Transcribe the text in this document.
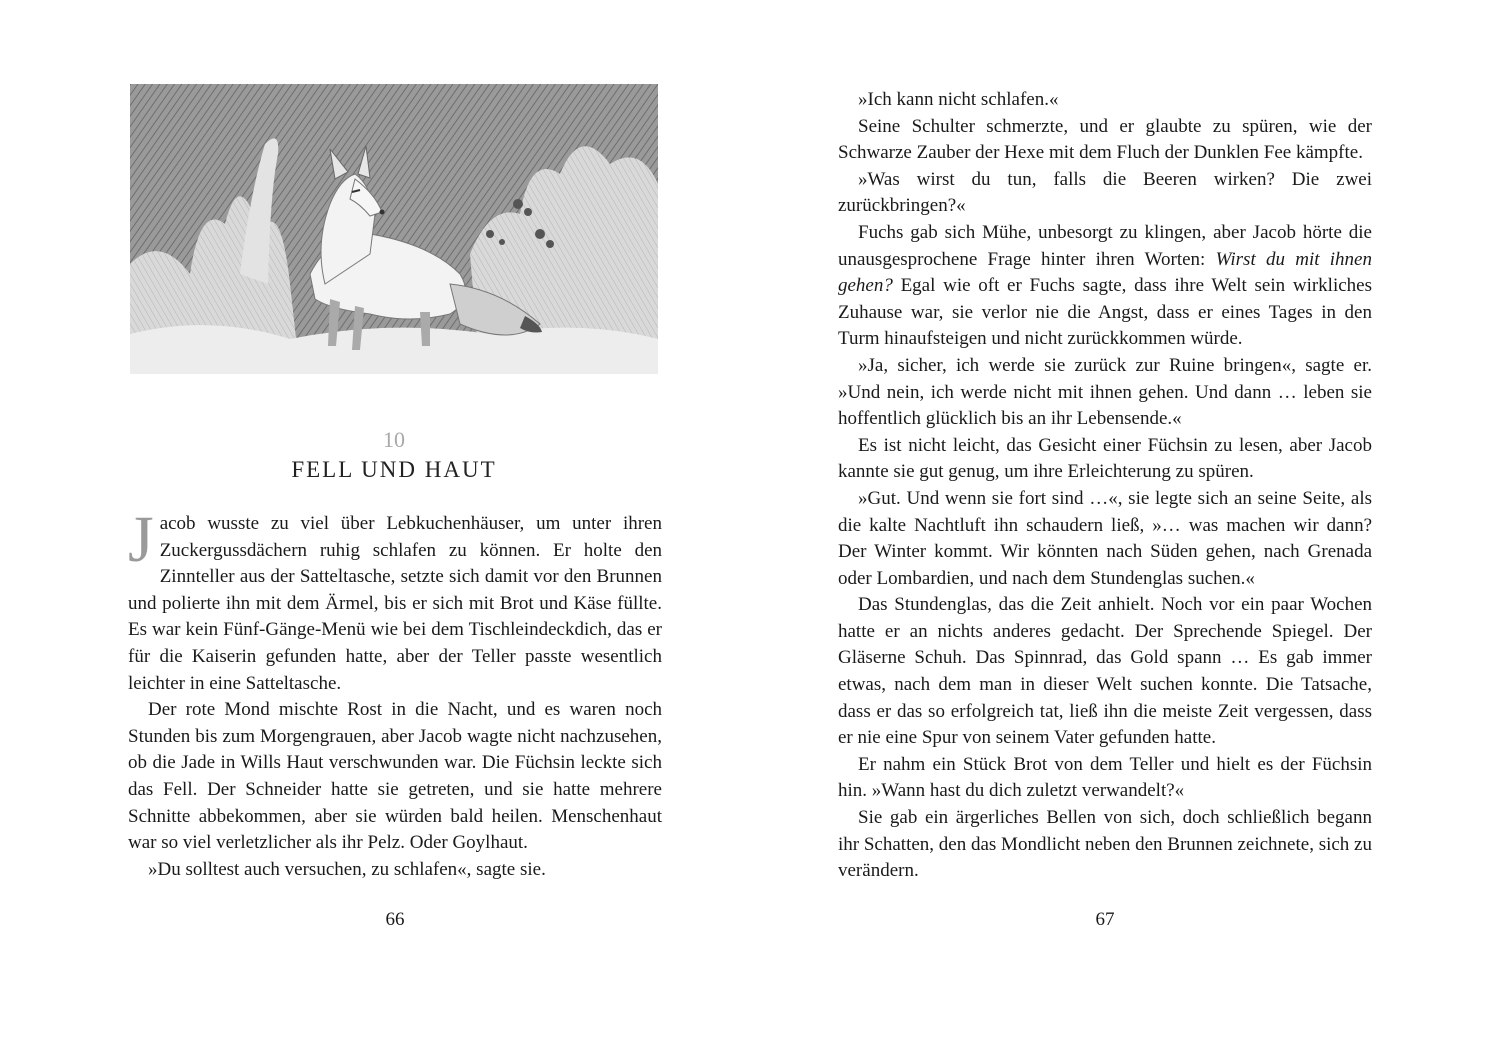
10
FELL UND HAUT

Jacob wusste zu viel über Lebkuchenhäuser, um unter ihren Zuckergussdächern ruhig schlafen zu können. Er holte den Zinnteller aus der Satteltasche, setzte sich damit vor den Brunnen und polierte ihn mit dem Ärmel, bis er sich mit Brot und Käse füllte. Es war kein Fünf-Gänge-Menü wie bei dem Tischleindeckdich, das er für die Kaiserin gefunden hatte, aber der Teller passte wesentlich leichter in eine Satteltasche.

Der rote Mond mischte Rost in die Nacht, und es waren noch Stunden bis zum Morgengrauen, aber Jacob wagte nicht nachzusehen, ob die Jade in Wills Haut verschwunden war. Die Füchsin leckte sich das Fell. Der Schneider hatte sie getreten, und sie hatte mehrere Schnitte abbekommen, aber sie würden bald heilen. Menschenhaut war so viel verletzlicher als ihr Pelz. Oder Goylhaut.

»Du solltest auch versuchen, zu schlafen«, sagte sie.

66

»Ich kann nicht schlafen.«

Seine Schulter schmerzte, und er glaubte zu spüren, wie der Schwarze Zauber der Hexe mit dem Fluch der Dunklen Fee kämpfte.

»Was wirst du tun, falls die Beeren wirken? Die zwei zurückbringen?«

Fuchs gab sich Mühe, unbesorgt zu klingen, aber Jacob hörte die unausgesprochene Frage hinter ihren Worten: Wirst du mit ihnen gehen? Egal wie oft er Fuchs sagte, dass ihre Welt sein wirkliches Zuhause war, sie verlor nie die Angst, dass er eines Tages in den Turm hinaufsteigen und nicht zurückkommen würde.

»Ja, sicher, ich werde sie zurück zur Ruine bringen«, sagte er. »Und nein, ich werde nicht mit ihnen gehen. Und dann … leben sie hoffentlich glücklich bis an ihr Lebensende.«

Es ist nicht leicht, das Gesicht einer Füchsin zu lesen, aber Jacob kannte sie gut genug, um ihre Erleichterung zu spüren.

»Gut. Und wenn sie fort sind …«, sie legte sich an seine Seite, als die kalte Nachtluft ihn schaudern ließ, »… was machen wir dann? Der Winter kommt. Wir könnten nach Süden gehen, nach Grenada oder Lombardien, und nach dem Stundenglas suchen.«

Das Stundenglas, das die Zeit anhielt. Noch vor ein paar Wochen hatte er an nichts anderes gedacht. Der Sprechende Spiegel. Der Gläserne Schuh. Das Spinnrad, das Gold spann … Es gab immer etwas, nach dem man in dieser Welt suchen konnte. Die Tatsache, dass er das so erfolgreich tat, ließ ihn die meiste Zeit vergessen, dass er nie eine Spur von seinem Vater gefunden hatte.

Er nahm ein Stück Brot von dem Teller und hielt es der Füchsin hin. »Wann hast du dich zuletzt verwandelt?«

Sie gab ein ärgerliches Bellen von sich, doch schließlich begann ihr Schatten, den das Mondlicht neben den Brunnen zeichnete, sich zu verändern.

67
